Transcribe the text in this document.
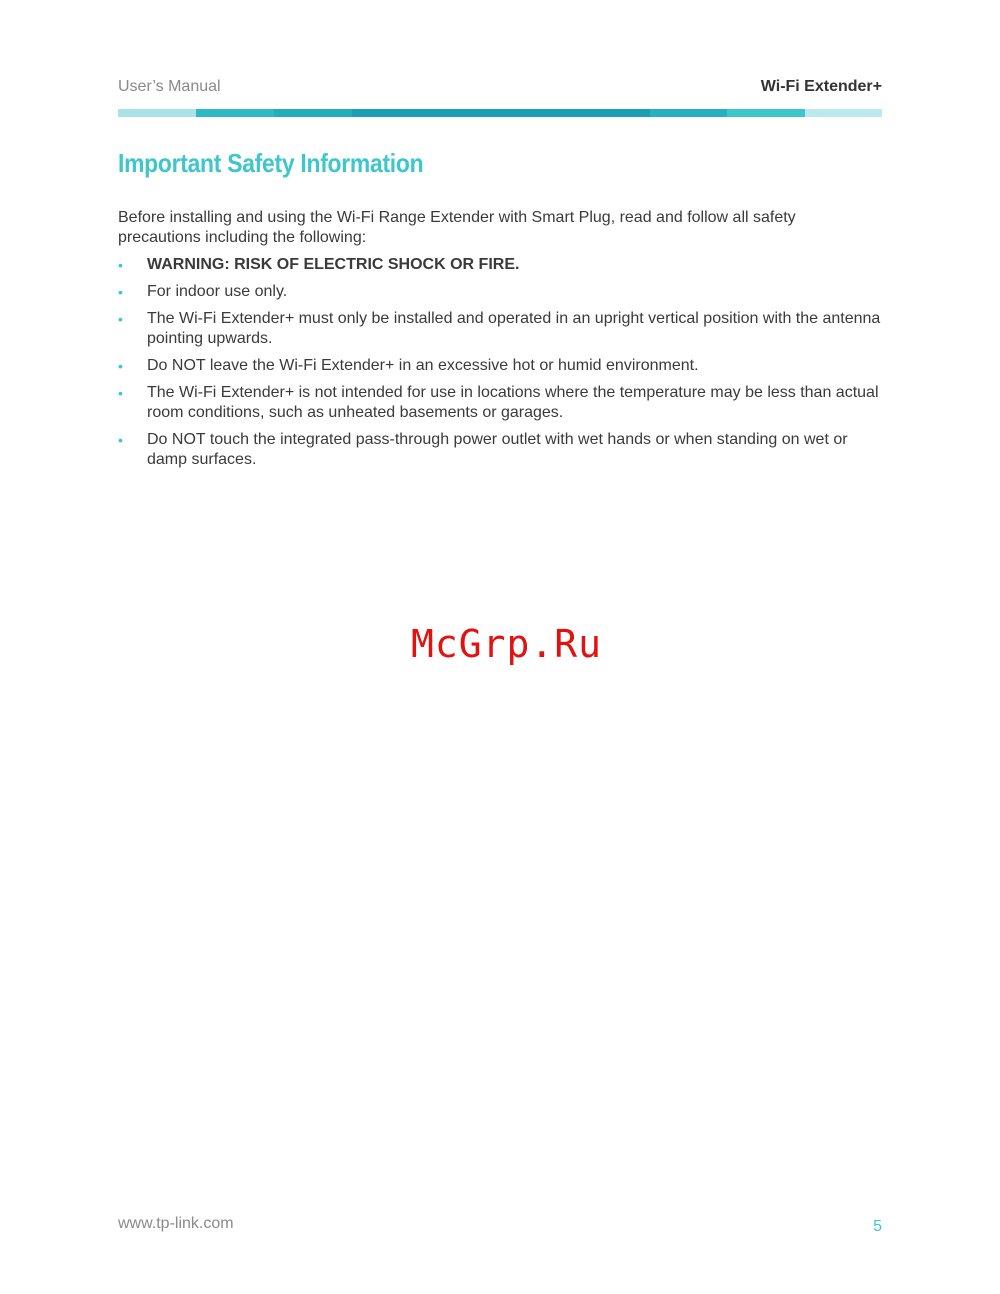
User’s Manual	Wi-Fi Extender+
Important Safety Information

Before installing and using the Wi-Fi Range Extender with Smart Plug, read and follow all safety precautions including the following:

• WARNING: RISK OF ELECTRIC SHOCK OR FIRE.
• For indoor use only.
• The Wi-Fi Extender+ must only be installed and operated in an upright vertical position with the antenna pointing upwards.
• Do NOT leave the Wi-Fi Extender+ in an excessive hot or humid environment.
• The Wi-Fi Extender+ is not intended for use in locations where the temperature may be less than actual room conditions, such as unheated basements or garages.
• Do NOT touch the integrated pass-through power outlet with wet hands or when standing on wet or damp surfaces.
McGrp.Ru
www.tp-link.com	5
